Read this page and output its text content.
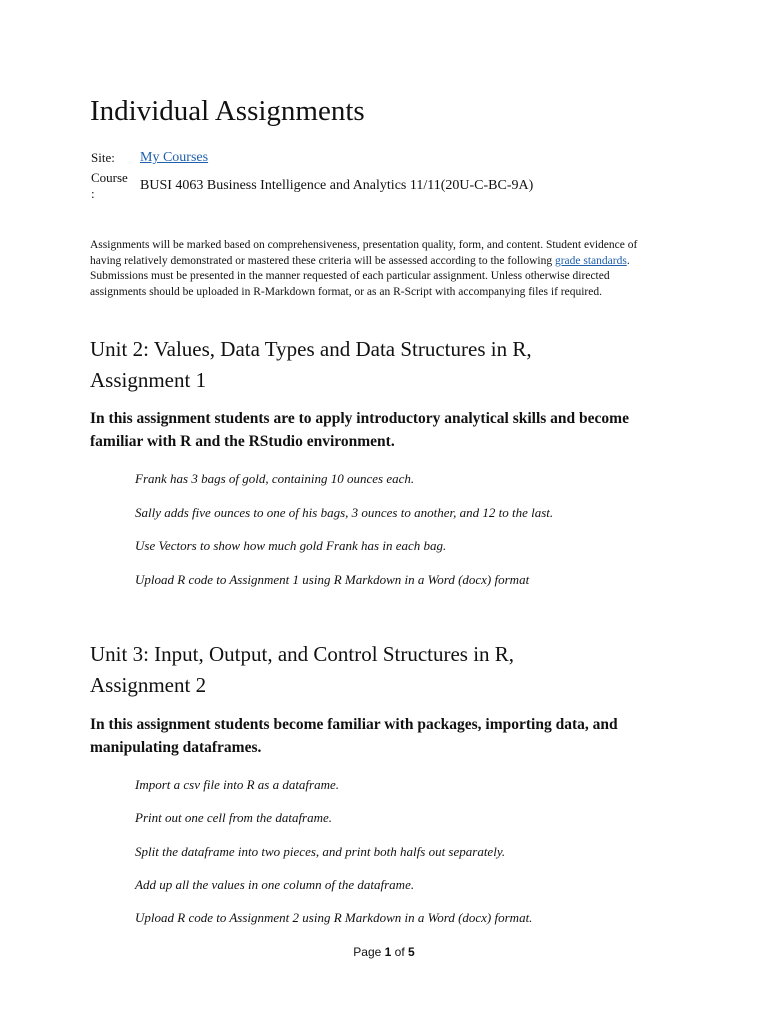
Individual Assignments
Site: My Courses
Course
:
BUSI 4063 Business Intelligence and Analytics 11/11(20U-C-BC-9A)

Assignments will be marked based on comprehensiveness, presentation quality, form, and content. Student evidence of having relatively demonstrated or mastered these criteria will be assessed according to the following grade standards. Submissions must be presented in the manner requested of each particular assignment. Unless otherwise directed assignments should be uploaded in R-Markdown format, or as an R-Script with accompanying files if required.

Unit 2: Values, Data Types and Data Structures in R,
Assignment 1

In this assignment students are to apply introductory analytical skills and become familiar with R and the RStudio environment.

Frank has 3 bags of gold, containing 10 ounces each.
Sally adds five ounces to one of his bags, 3 ounces to another, and 12 to the last.
Use Vectors to show how much gold Frank has in each bag.
Upload R code to Assignment 1 using R Markdown in a Word (docx) format
Unit 3: Input, Output, and Control Structures in R,
Assignment 2

In this assignment students become familiar with packages, importing data, and manipulating dataframes.

Import a csv file into R as a dataframe.
Print out one cell from the dataframe.
Split the dataframe into two pieces, and print both halfs out separately.
Add up all the values in one column of the dataframe.
Upload R code to Assignment 2 using R Markdown in a Word (docx) format.
Page 1 of 5
